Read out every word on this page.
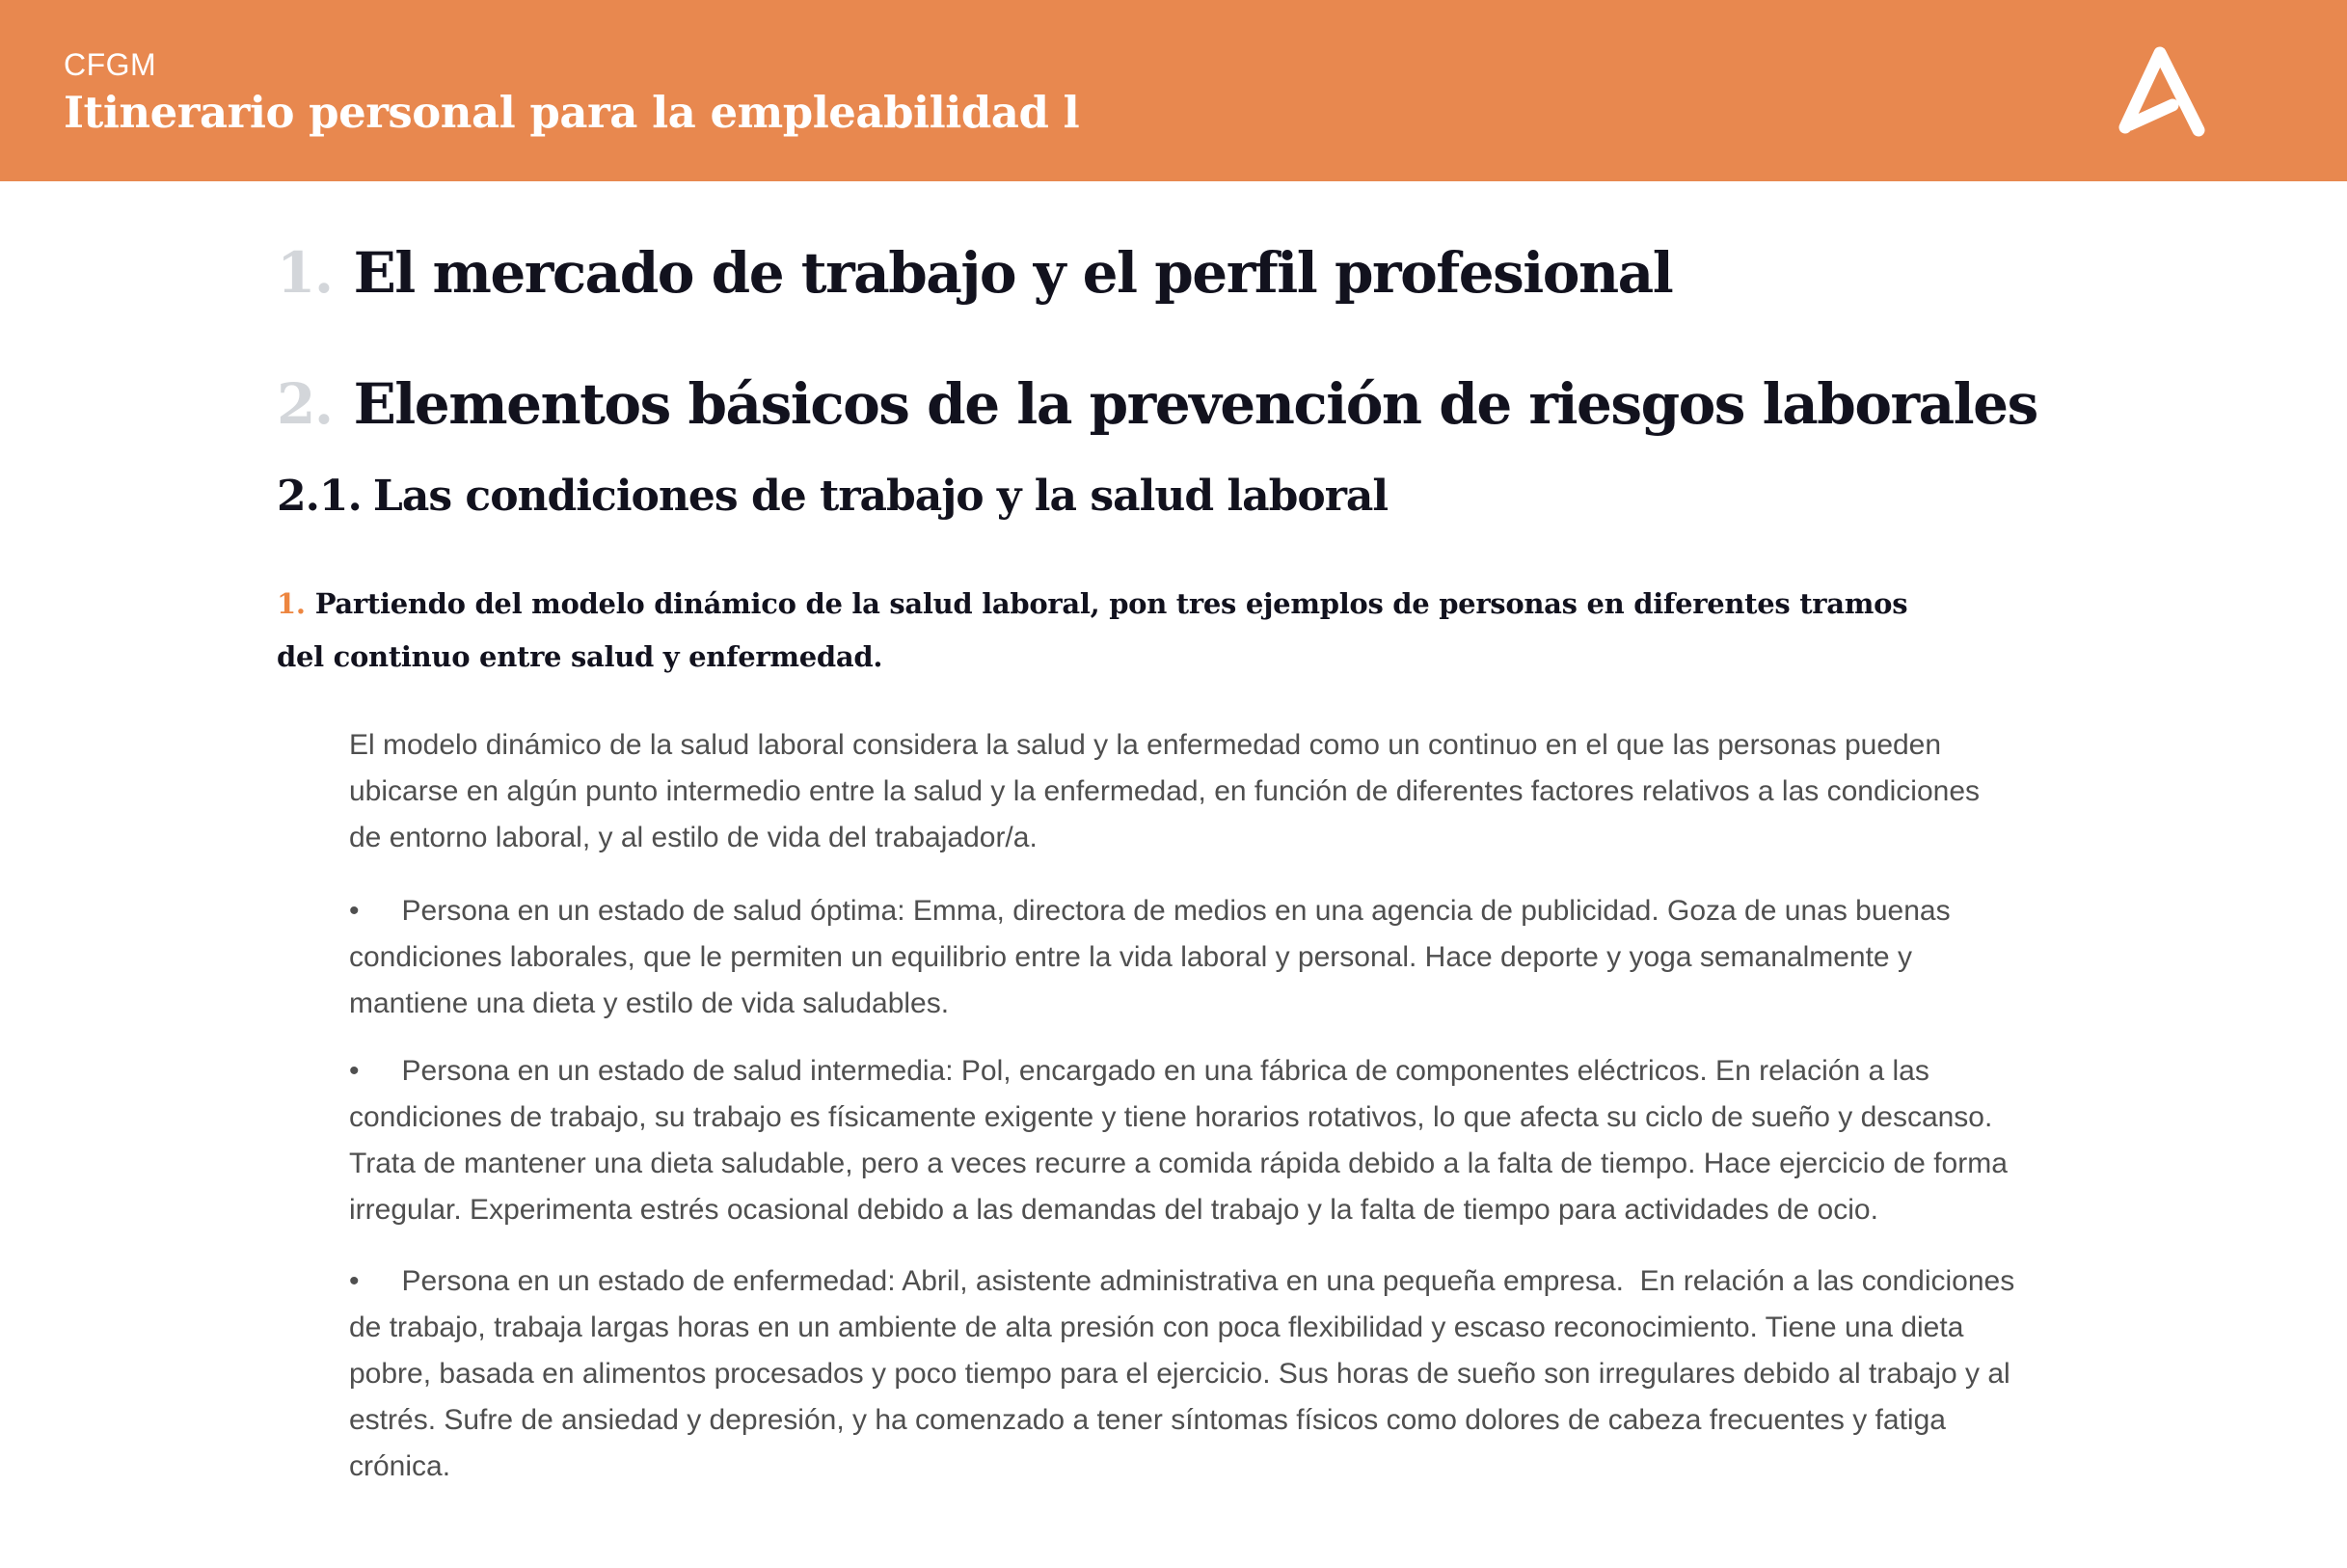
CFGM
Itinerario personal para la empleabilidad l
1. El mercado de trabajo y el perfil profesional
2. Elementos básicos de la prevención de riesgos laborales
2.1. Las condiciones de trabajo y la salud laboral

1. Partiendo del modelo dinámico de la salud laboral, pon tres ejemplos de personas en diferentes tramos del continuo entre salud y enfermedad.

El modelo dinámico de la salud laboral considera la salud y la enfermedad como un continuo en el que las personas pueden ubicarse en algún punto intermedio entre la salud y la enfermedad, en función de diferentes factores relativos a las condiciones de entorno laboral, y al estilo de vida del trabajador/a.

• Persona en un estado de salud óptima: Emma, directora de medios en una agencia de publicidad. Goza de unas buenas condiciones laborales, que le permiten un equilibrio entre la vida laboral y personal. Hace deporte y yoga semanalmente y mantiene una dieta y estilo de vida saludables.

• Persona en un estado de salud intermedia: Pol, encargado en una fábrica de componentes eléctricos. En relación a las condiciones de trabajo, su trabajo es físicamente exigente y tiene horarios rotativos, lo que afecta su ciclo de sueño y descanso. Trata de mantener una dieta saludable, pero a veces recurre a comida rápida debido a la falta de tiempo. Hace ejercicio de forma irregular. Experimenta estrés ocasional debido a las demandas del trabajo y la falta de tiempo para actividades de ocio.

• Persona en un estado de enfermedad: Abril, asistente administrativa en una pequeña empresa.  En relación a las condiciones de trabajo, trabaja largas horas en un ambiente de alta presión con poca flexibilidad y escaso reconocimiento. Tiene una dieta pobre, basada en alimentos procesados y poco tiempo para el ejercicio. Sus horas de sueño son irregulares debido al trabajo y al estrés. Sufre de ansiedad y depresión, y ha comenzado a tener síntomas físicos como dolores de cabeza frecuentes y fatiga crónica.
